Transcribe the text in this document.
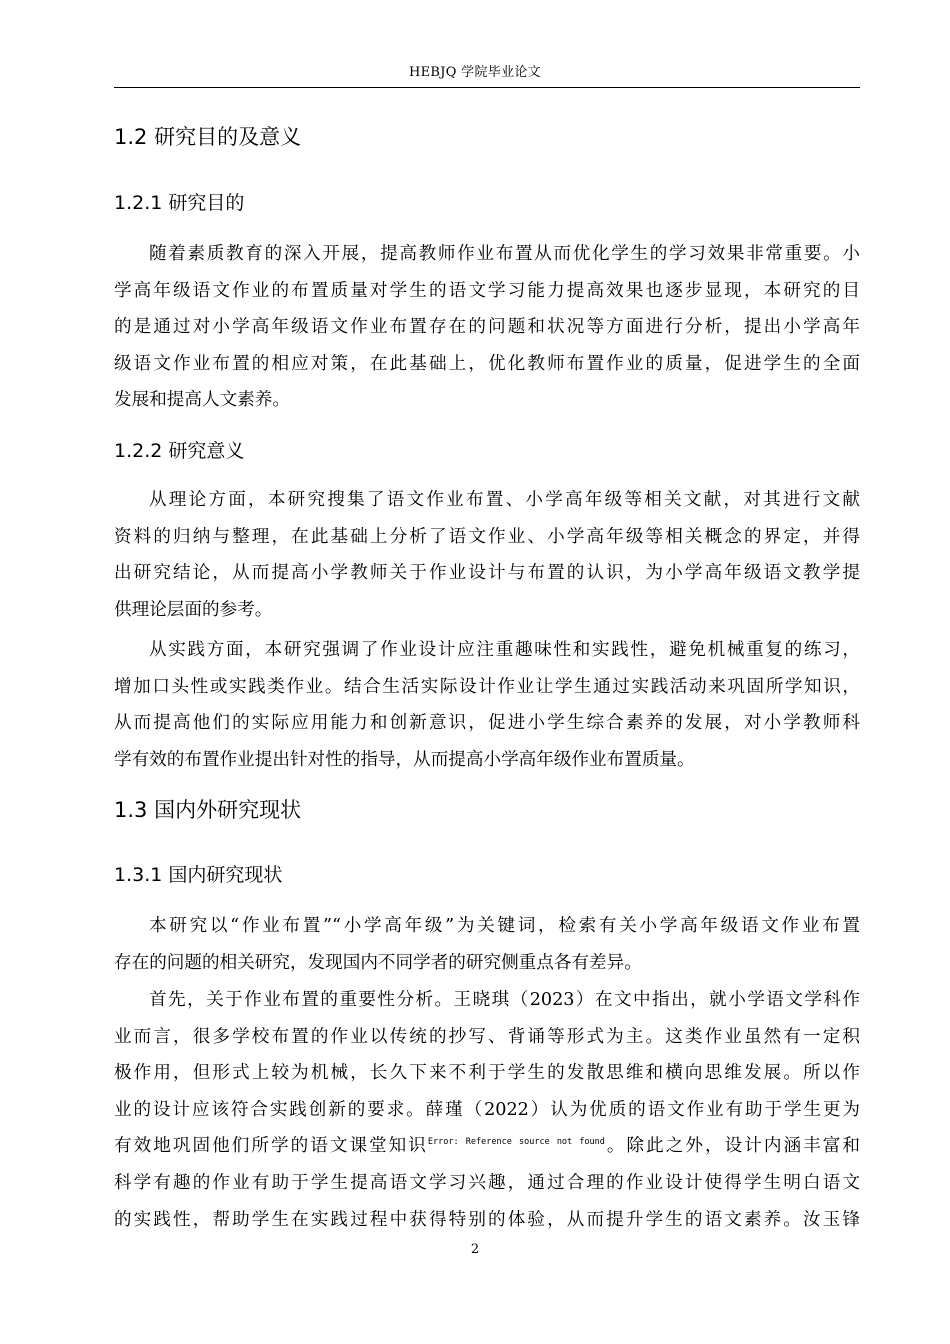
HEBJQ 学院毕业论文
1.2 研究目的及意义
1.2.1 研究目的
随着素质教育的深入开展，提高教师作业布置从而优化学生的学习效果非常重要。小
学高年级语文作业的布置质量对学生的语文学习能力提高效果也逐步显现，本研究的目
的是通过对小学高年级语文作业布置存在的问题和状况等方面进行分析，提出小学高年
级语文作业布置的相应对策，在此基础上，优化教师布置作业的质量，促进学生的全面
发展和提高人文素养。
1.2.2 研究意义
从理论方面，本研究搜集了语文作业布置、小学高年级等相关文献，对其进行文献
资料的归纳与整理，在此基础上分析了语文作业、小学高年级等相关概念的界定，并得
出研究结论，从而提高小学教师关于作业设计与布置的认识，为小学高年级语文教学提
供理论层面的参考。
从实践方面，本研究强调了作业设计应注重趣味性和实践性，避免机械重复的练习，
增加口头性或实践类作业。结合生活实际设计作业让学生通过实践活动来巩固所学知识，
从而提高他们的实际应用能力和创新意识，促进小学生综合素养的发展，对小学教师科
学有效的布置作业提出针对性的指导，从而提高小学高年级作业布置质量。
1.3 国内外研究现状
1.3.1 国内研究现状
本研究以“作业布置”“小学高年级”为关键词，检索有关小学高年级语文作业布置
存在的问题的相关研究，发现国内不同学者的研究侧重点各有差异。
首先，关于作业布置的重要性分析。王晓琪（2023）在文中指出，就小学语文学科作
业而言，很多学校布置的作业以传统的抄写、背诵等形式为主。这类作业虽然有一定积
极作用，但形式上较为机械，长久下来不利于学生的发散思维和横向思维发展。所以作
业的设计应该符合实践创新的要求。薛瑾（2022）认为优质的语文作业有助于学生更为
有效地巩固他们所学的语文课堂知识$^{Error: Reference source not found}$。除此之外，设计内涵丰富和
科学有趣的作业有助于学生提高语文学习兴趣，通过合理的作业设计使得学生明白语文
的实践性，帮助学生在实践过程中获得特别的体验，从而提升学生的语文素养。汝玉锋
2
